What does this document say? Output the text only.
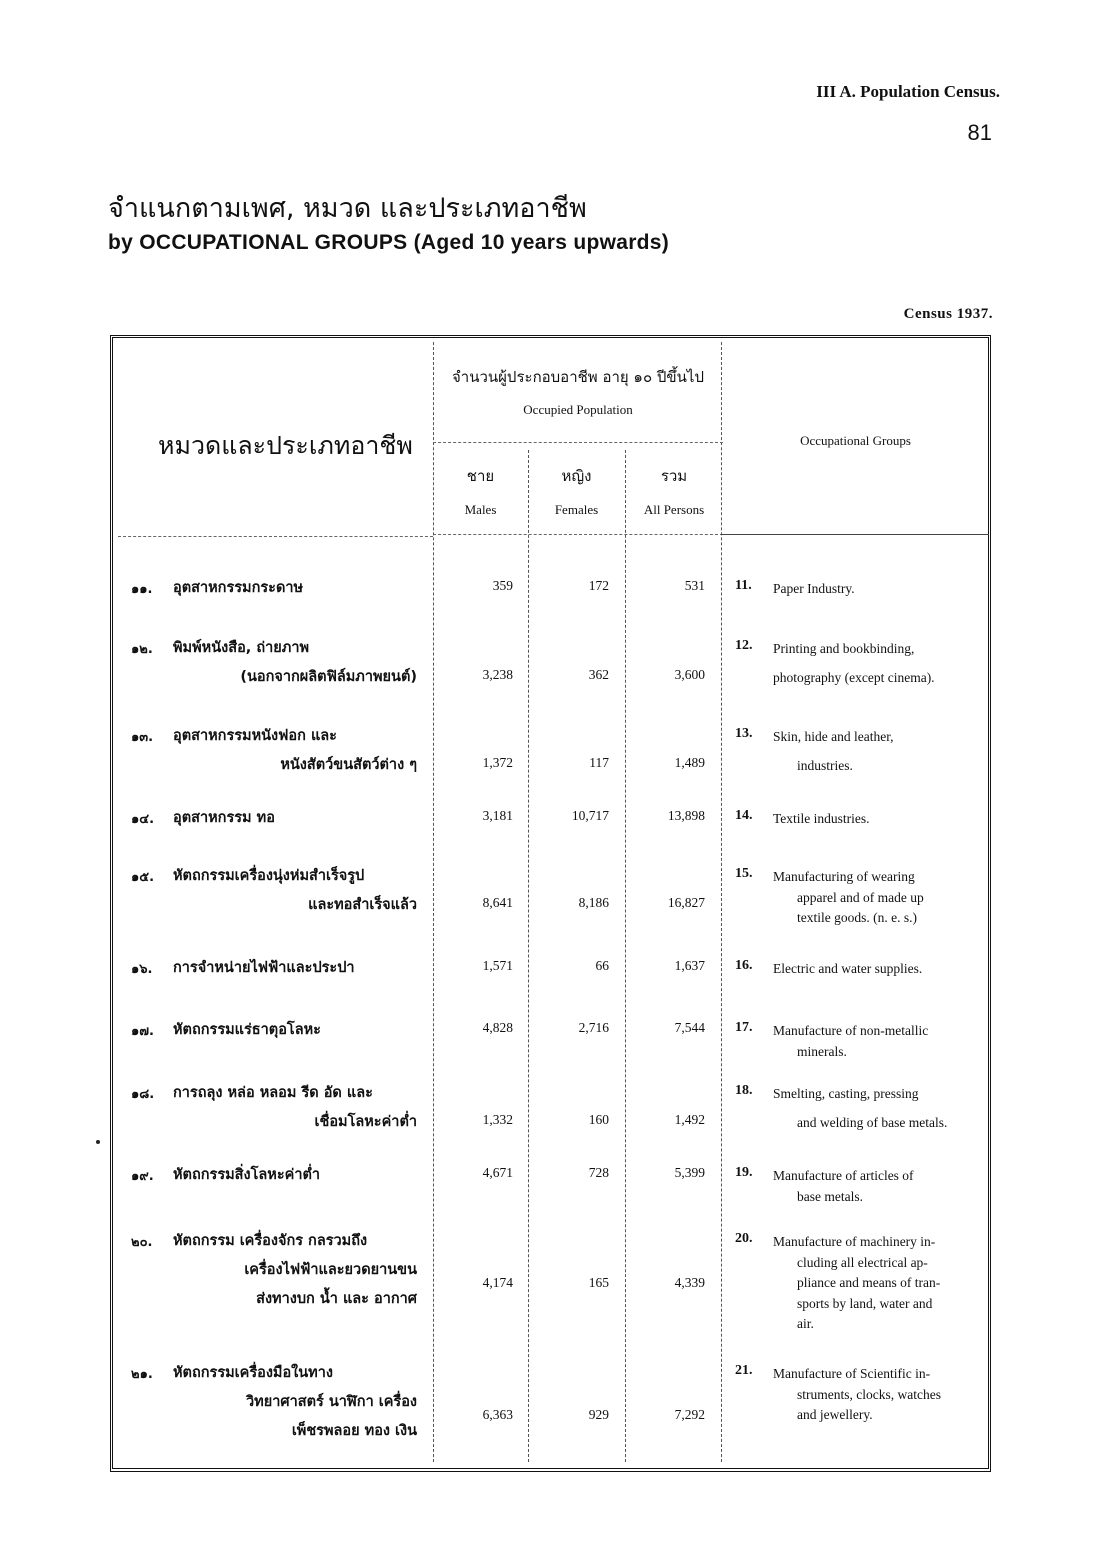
III A. Population Census.
81
จำแนกตามเพศ, หมวด และประเภทอาชีพ
by OCCUPATIONAL GROUPS (Aged 10 years upwards)
Census 1937.
หมวดและประเภทอาชีพ
จำนวนผู้ประกอบอาชีพ อายุ ๑๐ ปีขึ้นไป
Occupied Population
ชาย
Males
หญิง
Females
รวม
All Persons
Occupational Groups
๑๑. อุตสาหกรรมกระดาษ	359	172	531 11. Paper Industry.
๑๒. พิมพ์หนังสือ, ถ่ายภาพ
(นอกจากผลิตฟิล์มภาพยนต์)	3,238	362	3,600
12. Printing and bookbinding,
photography (except cinema).
๑๓. อุตสาหกรรมหนังฟอก และ
หนังสัตว์ขนสัตว์ต่าง ๆ	1,372	117	1,489
13. Skin, hide and leather,
industries.
๑๔. อุตสาหกรรม ทอ	3,181	10,717	13,898 14. Textile industries.
๑๕. หัตถกรรมเครื่องนุ่งห่มสำเร็จรูป
และทอสำเร็จแล้ว	8,641	8,186	16,827
15. Manufacturing of wearing
apparel and of made up
textile goods. (n. e. s.)
๑๖. การจำหน่ายไฟฟ้าและประปา	1,571	66	1,637 16. Electric and water supplies.
๑๗. หัตถกรรมแร่ธาตุอโลหะ	4,828	2,716	7,544 17. Manufacture of non-metallic
minerals.
๑๘. การถลุง หล่อ หลอม รีด อัด และ
เชื่อมโลหะค่าต่ำ	1,332	160	1,492
18. Smelting, casting, pressing
and welding of base metals.
๑๙. หัตถกรรมสิ่งโลหะค่าต่ำ	4,671	728	5,399 19. Manufacture of articles of
base metals.
๒๐. หัตถกรรม เครื่องจักร กลรวมถึง
เครื่องไฟฟ้าและยวดยานขน
ส่งทางบก น้ำ และ อากาศ
4,174	165	4,339
20. Manufacture of machinery in-
cluding all electrical ap-
pliance and means of tran-
sports by land, water and
air.
๒๑. หัตถกรรมเครื่องมือในทาง
วิทยาศาสตร์ นาฬิกา เครื่อง
เพ็ชรพลอย ทอง เงิน
6,363	929	7,292
21. Manufacture of Scientific in-
struments, clocks, watches
and jewellery.
